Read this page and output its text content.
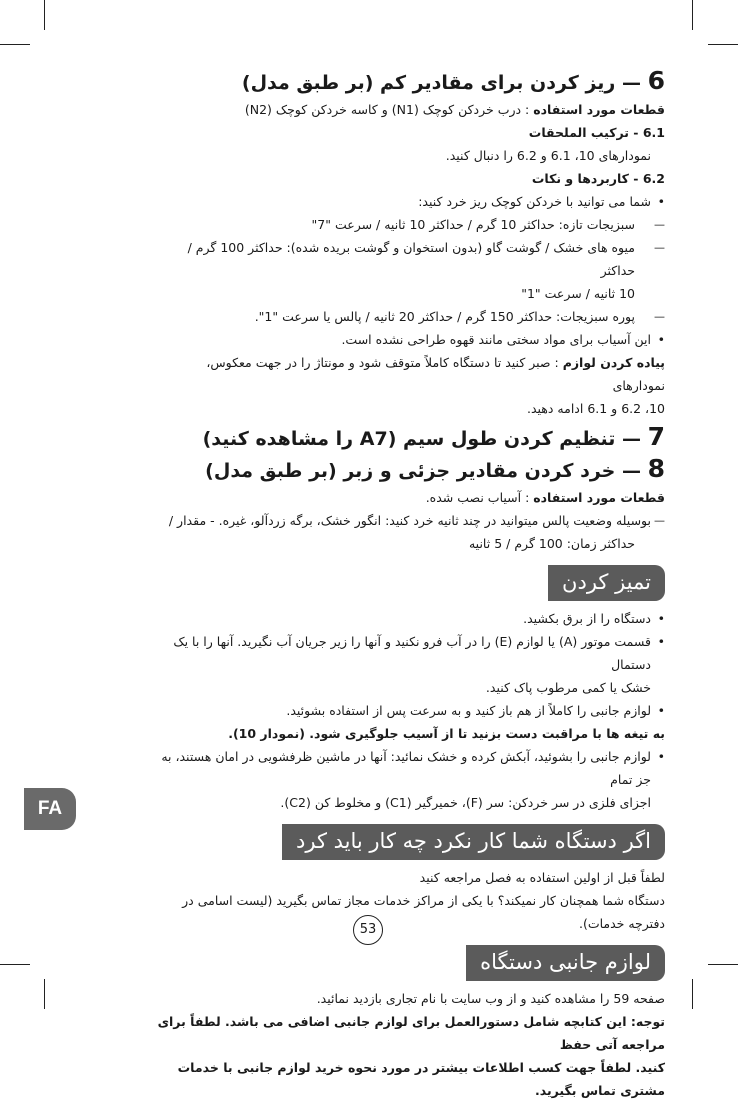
6 — ریز کردن برای مقادیر کم (بر طبق مدل)

قطعات مورد استفاده : درب خردکن کوچک (N1) و کاسه خردکن کوچک (N2)

6.1 - ترکیب الملحقات

نمودارهای 10، 6.1 و 6.2 را دنبال کنید.

6.2 - کاربردها و نکات

• شما می توانید با خردکن کوچک ریز خرد کنید:

— سبزیجات تازه: حداکثر 10 گرم / حداکثر 10 ثانیه / سرعت "7"

— میوه های خشک / گوشت گاو (بدون استخوان و گوشت بریده شده): حداکثر 100 گرم / حداکثر

10 ثانیه / سرعت "1"

— پوره سبزیجات: حداکثر 150 گرم / حداکثر 20 ثانیه / پالس یا سرعت "1".

• این آسیاب برای مواد سختی مانند قهوه طراحی نشده است.

پیاده کردن لوازم : صبر کنید تا دستگاه کاملاً متوقف شود و مونتاژ را در جهت معکوس، نمودارهای

10، 6.2 و 6.1 ادامه دهید.

7 — تنظیم کردن طول سیم (A7 را مشاهده کنید)
8 — خرد کردن مقادیر جزئی و زبر (بر طبق مدل)

قطعات مورد استفاده : آسیاب نصب شده.

— بوسیله وضعیت پالس میتوانید در چند ثانیه خرد کنید: انگور خشک، برگه زردآلو، غیره. - مقدار /

حداکثر زمان: 100 گرم / 5 ثانیه

تمیز کردن

• دستگاه را از برق بکشید.

• قسمت موتور (A) یا لوازم (E) را در آب فرو نکنید و آنها را زیر جریان آب نگیرید. آنها را با یک دستمال

خشک یا کمی مرطوب پاک کنید.

• لوازم جانبی را کاملاً از هم باز کنید و به سرعت پس از استفاده بشوئید.

به تیغه ها با مراقبت دست بزنید تا از آسیب جلوگیری شود. (نمودار 10).

• لوازم جانبی را بشوئید، آبکش کرده و خشک نمائید: آنها در ماشین ظرفشویی در امان هستند، به جز تمام

اجزای فلزی در سر خردکن: سر (F)، خمیرگیر (C1) و مخلوط کن (C2).

اگر دستگاه شما کار نکرد چه کار باید کرد

لطفاً قبل از اولین استفاده به فصل مراجعه کنید

دستگاه شما همچنان کار نمیکند؟ با یکی از مراکز خدمات مجاز تماس بگیرید (لیست اسامی در دفترچه خدمات).

لوازم جانبی دستگاه

صفحه 59 را مشاهده کنید و از وب سایت با نام تجاری بازدید نمائید.

توجه: این کتابچه شامل دستورالعمل برای لوازم جانبی اضافی می باشد. لطفاً برای مراجعه آتی حفظ

کنید. لطفاً جهت کسب اطلاعات بیشتر در مورد نحوه خرید لوازم جانبی با خدمات مشتری تماس بگیرید.

FA
53
